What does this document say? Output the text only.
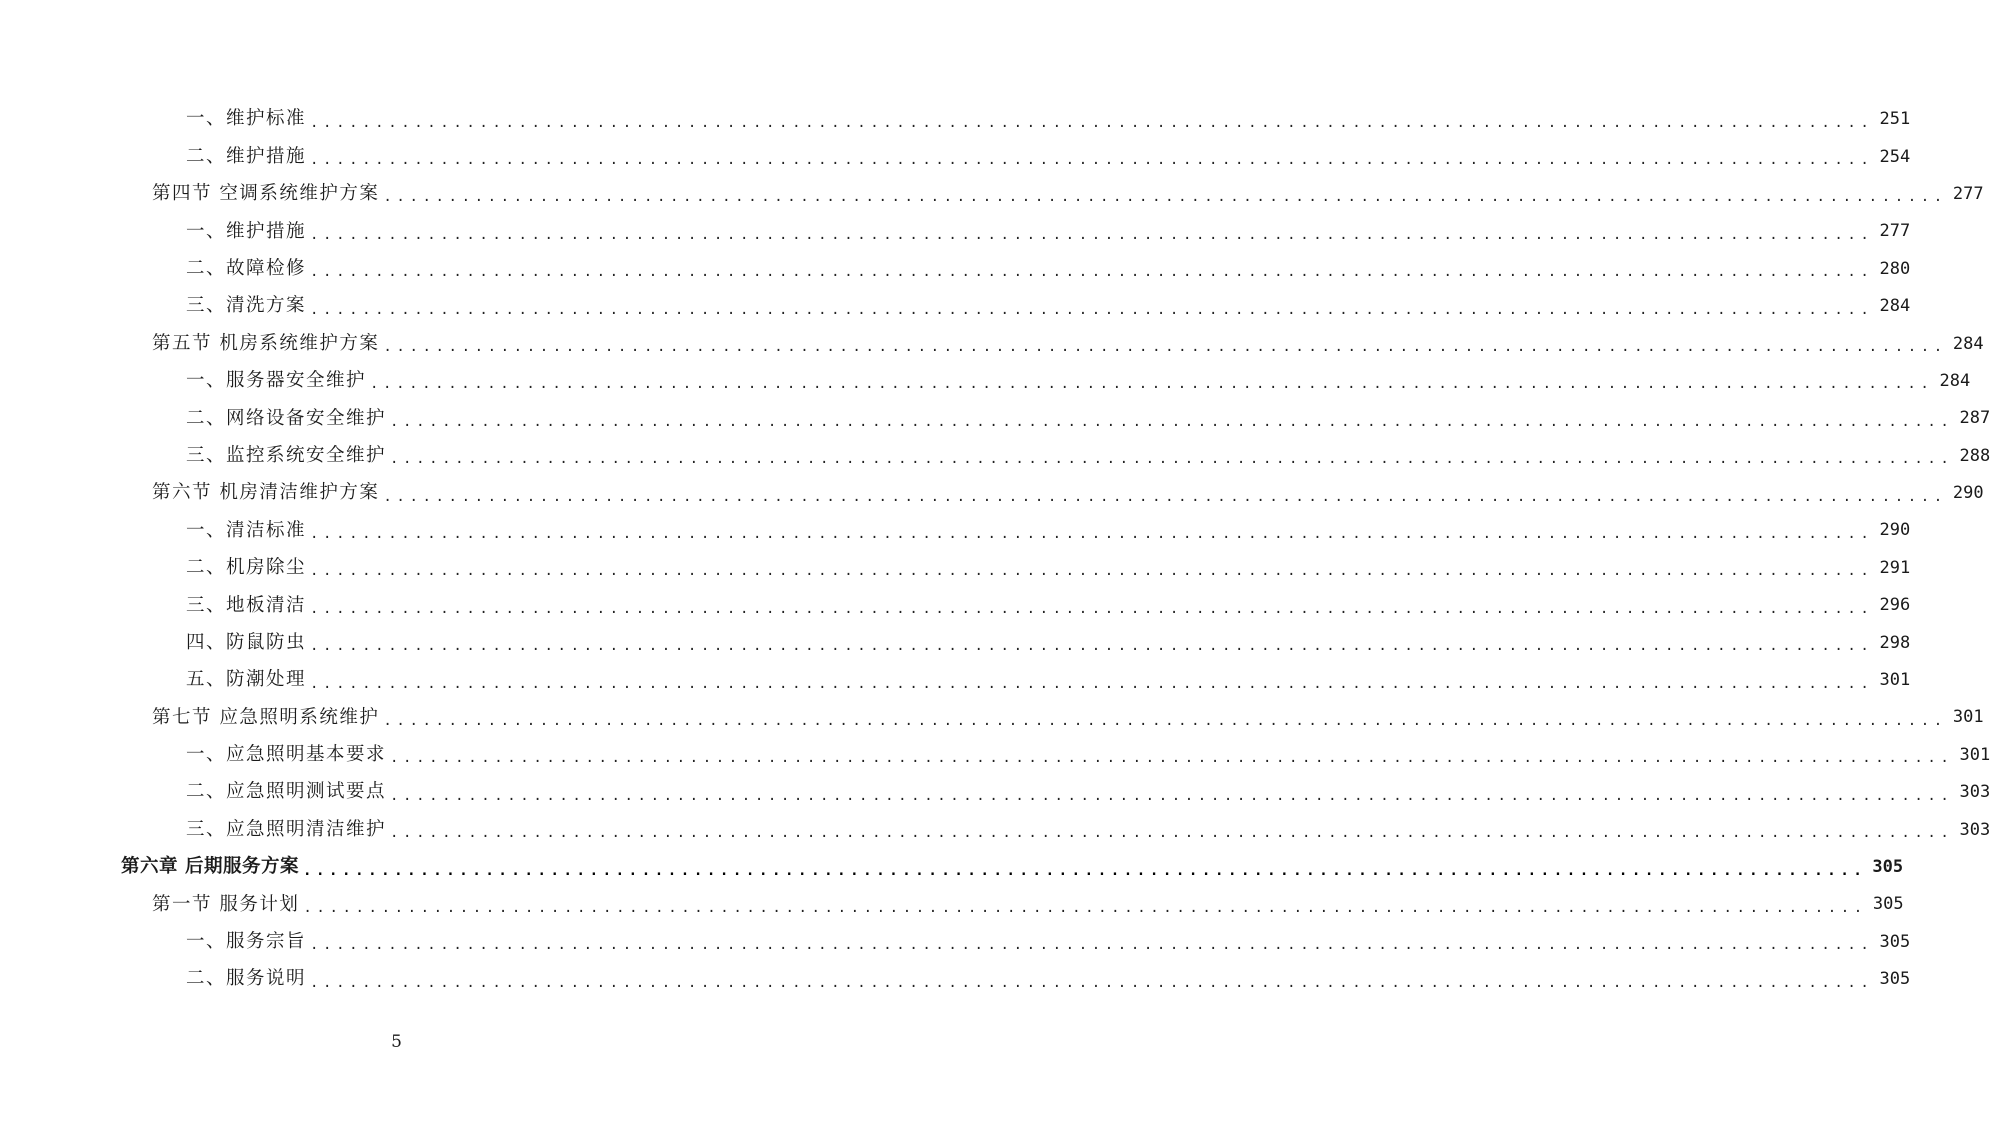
一、维护标准 ........................................................................................................................ 251
二、维护措施 ........................................................................................................................ 254
第四节 空调系统维护方案 ........................................................................................................................ 277
一、维护措施 ........................................................................................................................ 277
二、故障检修 ........................................................................................................................ 280
三、清洗方案 ........................................................................................................................ 284
第五节 机房系统维护方案 ........................................................................................................................ 284
一、服务器安全维护 ........................................................................................................................ 284
二、网络设备安全维护 ........................................................................................................................ 287
三、监控系统安全维护 ........................................................................................................................ 288
第六节 机房清洁维护方案 ........................................................................................................................ 290
一、清洁标准 ........................................................................................................................ 290
二、机房除尘 ........................................................................................................................ 291
三、地板清洁 ........................................................................................................................ 296
四、防鼠防虫 ........................................................................................................................ 298
五、防潮处理 ........................................................................................................................ 301
第七节 应急照明系统维护 ........................................................................................................................ 301
一、应急照明基本要求 ........................................................................................................................ 301
二、应急照明测试要点 ........................................................................................................................ 303
三、应急照明清洁维护 ........................................................................................................................ 303
第六章 后期服务方案 ........................................................................................................................ 305
第一节 服务计划 ........................................................................................................................ 305
一、服务宗旨 ........................................................................................................................ 305
二、服务说明 ........................................................................................................................ 305
5
